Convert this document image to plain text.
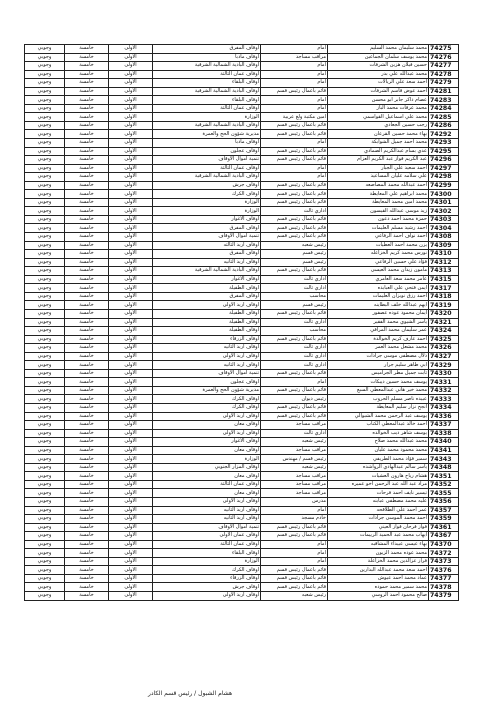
74275	محمد سليمان محمد السليم	امام	اوقاف المفرق	الاولى	خامسة	وجوبي
74276	محمد يوسف سلمان الجماعين	مراقب مساجد	اوقاف مادبا	الاولى	خامسة	وجوبي
74277	حسين فيلان هزين الشرفات	امام	اوقاف البادية الشمالية الشرقية	الاولى	خامسة	وجوبي
74278	محمد عبدالله علي بدر	امام	اوقاف عمان الثالثة	الاولى	خامسة	وجوبي
74279	احمد سعد علي الربالات	امام	اوقاف البلقاء	الاولى	خامسة	وجوبي
74281	احمد عوض قاسم الشرفات	قائم باعمال رئيس قسم	اوقاف البادية الشمالية الشرقية	الاولى	خامسة	وجوبي
74283	عصام ذاكر جابر ابو محسن	امام	اوقاف البلقاء	الاولى	خامسة	وجوبي
74284	محمد عرفات محمد الباز	امام	اوقاف عمان الثالثة	الاولى	خامسة	وجوبي
74285	محمد علي اسماعيل القواسمي	امين مكتبة ولغ عربية	الوزارة	الاولى	خامسة	وجوبي
74286	رجب حسين الجعادي	قائم باعمال رئيس قسم	اوقاف البادية الشمالية الشرقية	الاولى	خامسة	وجوبي
74292	بهاء محمد حسين القرعان	قائم باعمال رئيس قسم	مديرية شؤون الحج والعمرة	الاولى	خامسة	وجوبي
74293	محمد احمد جميل الشوابكة	امام	اوقاف مادبا	الاولى	خامسة	وجوبي
74295	عدي بسام عبدالكريم الصمادي	قائم باعمال رئيس قسم	اوقاف عجلون	الاولى	خامسة	وجوبي
74296	عبد الكريم فواز عبد الكريم العزام	قائم باعمال رئيس قسم	تنمية اموال الاوقاف	الاولى	خامسة	وجوبي
74297	احمد سعيد علي الجبار	امام	اوقاف عمان الثالثة	الاولى	خامسة	وجوبي
74298	علي سلامه عليان المساعيد	امام	اوقاف البادية الشمالية الشرقية	الاولى	خامسة	وجوبي
74299	احمد عبدالله محمد المصاصعه	قائم باعمال رئيس قسم	اوقاف جرش	الاولى	خامسة	وجوبي
74300	محمد ابراهيم علي المعايطة	قائم باعمال رئيس قسم	اوقاف الكرك	الاولى	خامسة	وجوبي
74301	محمد امين محمد المعايطة	قائم باعمال رئيس قسم	الوزارة	الاولى	خامسة	وجوبي
74302	زيد موسى عبدالله القيسون	اداري ثالث	الوزارة	الاولى	خامسة	وجوبي
74303	حمزة محمد احمد دعون	قائم باعمال رئيس قسم	اوقاف الاغوار	الاولى	خامسة	وجوبي
74304	احمد رشيد مسلم العليمات	قائم باعمال رئيس قسم	اوقاف المفرق	الاولى	خامسة	وجوبي
74308	احمد نواف احمد الرفاعي	قائم باعمال رئيس قسم	تنمية اموال الاوقاف	الاولى	خامسة	وجوبي
74309	يزن محمد احمد العطيات	رئيس شعبه	اوقاف اربد الثالثه	الاولى	خامسة	وجوبي
74310	نورس محمد كريم الخزاعله	رئيس قسم	اوقاف المفرق	الاولى	خامسة	وجوبي
74312	فؤاد علي حسين الرفاعي	رئيس قسم	اوقاف اربد الثانيه	الاولى	خامسة	وجوبي
74313	مامون زيدان محمد العيسى	قائم باعمال رئيس قسم	اوقاف البادية الشمالية الشرقية	الاولى	خامسة	وجوبي
74315	عامر محمد سعد العامري	اداري ثالث	اوقاف الاغوار	الاولى	خامسة	وجوبي
74317	ايمن فتحي علي العبابده	اداري ثالث	اوقاف الطفيلة	الاولى	خامسة	وجوبي
74318	احمد رزق نوبزان العليمات	محاسب	اوقاف المفرق	الاولى	خامسة	وجوبي
74319	ايهم عبدالله خلف البطاينه	رئيس قسم	اوقاف اربد الاولى	الاولى	خامسة	وجوبي
74320	ايمان محمود عوده عصفور	قائم باعمال رئيس قسم	اوقاف الطفيلة	الاولى	خامسة	وجوبي
74321	ياسر الشيوي محمد الفقير	اداري ثالث	اوقاف الطفيلة	الاولى	خامسة	وجوبي
74324	عمر سليمان محمد المرافي	محاسب	اوقاف الطفيلة	الاولى	خامسة	وجوبي
74325	احمد عارف كريم الخوالدة	قائم باعمال رئيس قسم	اوقاف الزرقاء	الاولى	خامسة	وجوبي
74326	محمد مشعل محمد العمر	اداري ثالث	اوقاف اربد الثانيه	الاولى	خامسة	وجوبي
74327	دلال مصطفى موسى جرادات	اداري ثالث	اوقاف اربد الاولى	الاولى	خامسة	وجوبي
74329	ابي طاهر سليم جرار	اداري ثالث	اوقاف اربد الثانيه	الاولى	خامسة	وجوبي
74330	ثابت جميل مطر الجراميس	قائم باعمال رئيس قسم	تنمية اموال الاوقاف	الاولى	خامسة	وجوبي
74331	يوسف محمد حسين ديبكات	امام	اوقاف عجلون	الاولى	خامسة	وجوبي
74332	محمد خير هاني عبدالمعطي السبع	قائم باعمال رئيس قسم	مديرية شؤون الحج والعمرة	الاولى	خامسة	وجوبي
74333	عبيده ناصر مسلم الحروب	رئيس ديوان	اوقاف الكرك	الاولى	خامسة	وجوبي
74334	انجح نزار سليم المعايطة	قائم باعمال رئيس قسم	اوقاف الكرك	الاولى	خامسة	وجوبي
74336	يوسف عبد الرحمن محمد الشبوالي	قائم باعمال رئيس قسم	اوقاف اربد الاولى	الاولى	خامسة	وجوبي
74337	احمد خالد عبدالمعطي الكناب	مراقب مساجد	اوقاف معان	الاولى	خامسة	وجوبي
74338	يوسف شاهر ذيب الخوالده	اداري ثالث	اوقاف اربد الاولى	الاولى	خامسة	وجوبي
74340	محمد عبدالله محمد صلاح	رئيس شعبه	اوقاف الاغوار	الاولى	خامسة	وجوبي
74341	محمد محمود محمد عليان	مراقب مساجد	اوقاف معان	الاولى	خامسة	وجوبي
74343	سمير فؤاد محمد الطريفي	رئيس قسم / مهندس	الوزارة	الاولى	خامسة	وجوبي
74348	ياسر سالم عبدالهادي الرواشده	رئيس شعبه	اوقاف المزار الجنوبي	الاولى	خامسة	وجوبي
74351	هشام رياح هارون العشيات	مراقب مساجد	اوقاف معان	الاولى	خامسة	وجوبي
74352	مراد عبد الله عبد الرحمن اخو عميره	مراقب مساجد	اوقاف عمان الثالثة	الاولى	خامسة	وجوبي
74355	تيسير نايف احمد فرحات	مراقب مساجد	اوقاف معان	الاولى	خامسة	وجوبي
74356	عليه محمد مصطفى عبابنه	مدرس	اوقاف اربد الاولى	الاولى	خامسة	وجوبي
74357	عمر احمد علي الطلاقحه	امام	اوقاف اربد الثانيه	الاولى	خامسة	وجوبي
74359	احمد محمد الموسى جرادات	خادم مسجد	اوقاف اربد الثانيه	الاولى	خامسة	وجوبي
74361	فواز فرحان فواز العيني	قائم باعمال رئيس قسم	تنمية اموال الاوقاف	الاولى	خامسة	وجوبي
74367	ايهاب محمد عبد الحميد الرييمات	قائم باعمال رئيس قسم	اوقاف عمان الاولى	الاولى	خامسة	وجوبي
74370	بهاء عيسى عبيداء المشاقبه	امام	اوقاف عمان الثالثة	الاولى	خامسة	وجوبي
74372	محمد عوده محمد الزيون	امام	اوقاف البلقاء	الاولى	خامسة	وجوبي
74373	فراز عزالدين محمد الخزاعلة	امام	الوزارة	الاولى	خامسة	وجوبي
74376	احمد سعد محمد عبدالله البدارين	قائم باعمال رئيس قسم	اوقاف الكرك	الاولى	خامسة	وجوبي
74377	عماد محمد احمد عيوش	قائم باعمال رئيس قسم	اوقاف الزرقاء	الاولى	خامسة	وجوبي
74378	محمد سمير محمد حموده	قائم باعمال رئيس قسم	اوقاف جرش	الاولى	خامسة	وجوبي
74379	صالح محمود احمد الروسي	رئيس شعبه	اوقاف اربد الاولى	الاولى	خامسة	وجوبي
هشام الشبول / رئيس قسم الكادر
